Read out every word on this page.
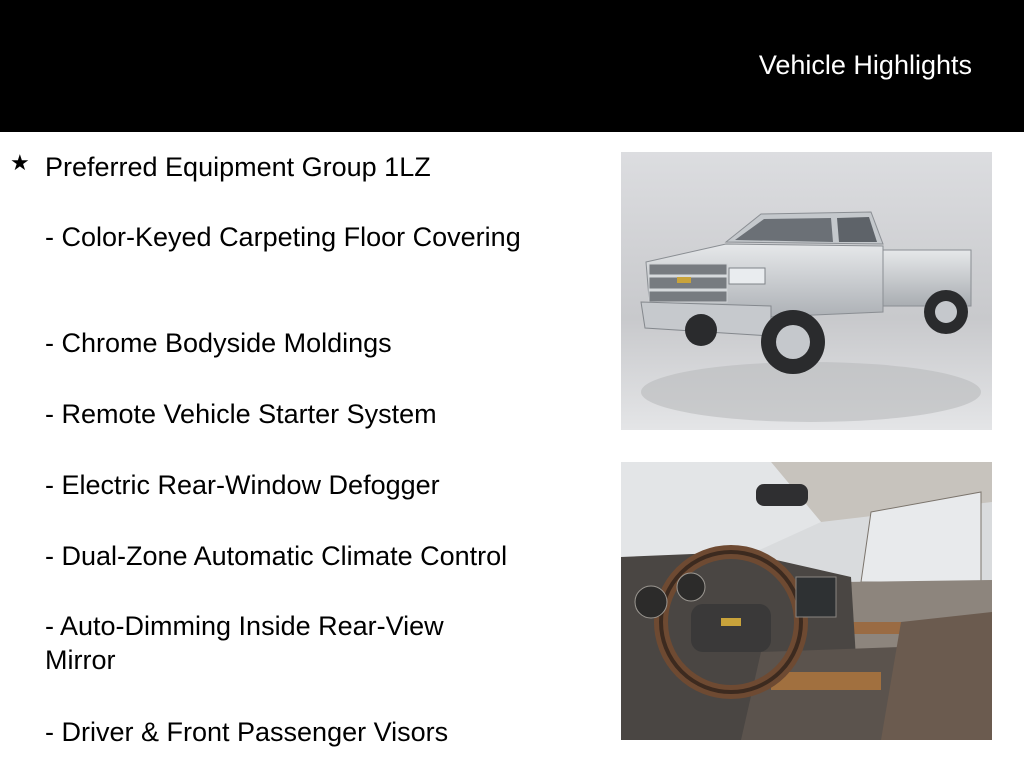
Vehicle Highlights
★ Preferred Equipment Group 1LZ
- Color-Keyed Carpeting Floor Covering
- Chrome Bodyside Moldings
- Remote Vehicle Starter System
- Electric Rear-Window Defogger
- Dual-Zone Automatic Climate Control
- Auto-Dimming Inside Rear-View Mirror
- Driver & Front Passenger Visors
